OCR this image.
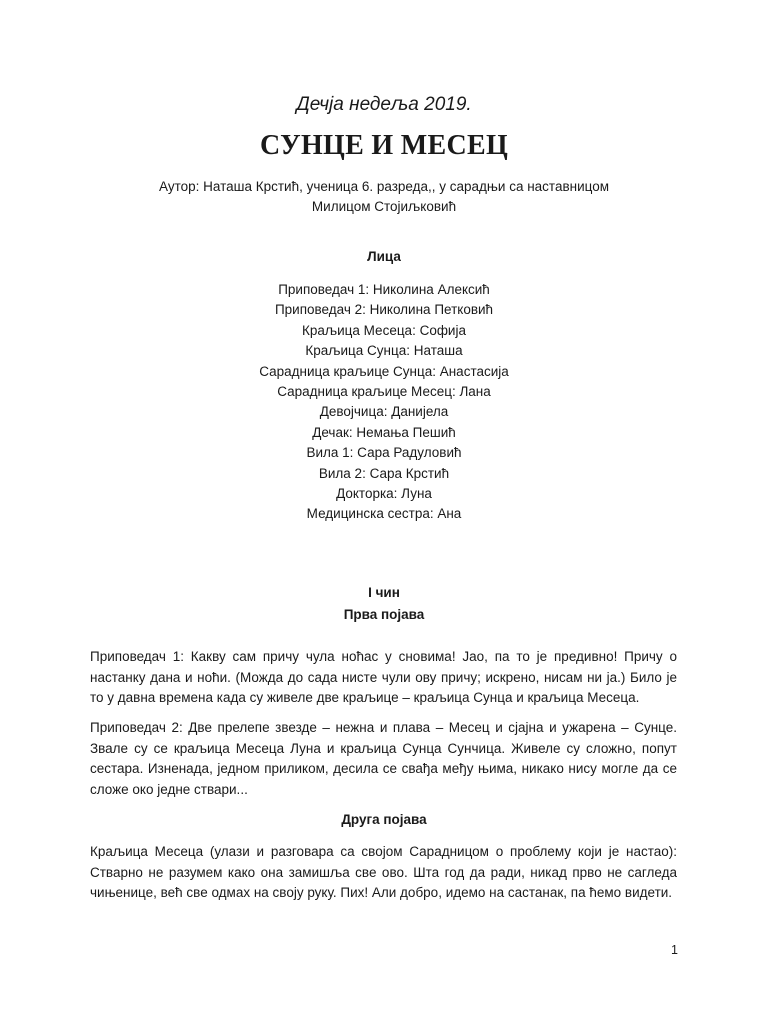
Дечја недеља 2019.
СУНЦЕ И МЕСЕЦ
Аутор: Наташа Крстић, ученица 6. разреда,, у сарадњи са наставницом
Милицом Стојиљковић
Лица
Приповедач 1: Николина Алексић
Приповедач 2: Николина Петковић
Краљица Месеца: Софија
Краљица Сунца: Наташа
Сарадница краљице Сунца: Анастасија
Сарадница краљице Месец: Лана
Девојчица: Данијела
Дечак: Немања Пешић
Вила 1: Сара Радуловић
Вила 2: Сара Крстић
Докторка: Луна
Медицинска сестра: Ана
I чин
Прва појава

Приповедач 1: Какву сам причу чула ноћас у сновима! Јао, па то је предивно! Причу о настанку дана и ноћи. (Можда до сада нисте чули ову причу; искрено, нисам ни ја.) Било је то у давна времена када су живеле две краљице – краљица Сунца и краљица Месеца.

Приповедач 2: Две прелепе звезде – нежна и плава – Месец и сјајна и ужарена – Сунце. Звале су се краљица Месеца Луна и краљица Сунца Сунчица. Живеле су сложно, попут сестара. Изненада, једном приликом, десила се свађа међу њима, никако нису могле да се сложе око једне ствари...

Друга појава

Краљица Месеца (улази и разговара са својом Сарадницом о проблему који је настао): Стварно не разумем како она замишља све ово. Шта год да ради, никад прво не сагледа чињенице, већ све одмах на своју руку. Пих! Али добро, идемо на састанак, па ћемо видети.

1
